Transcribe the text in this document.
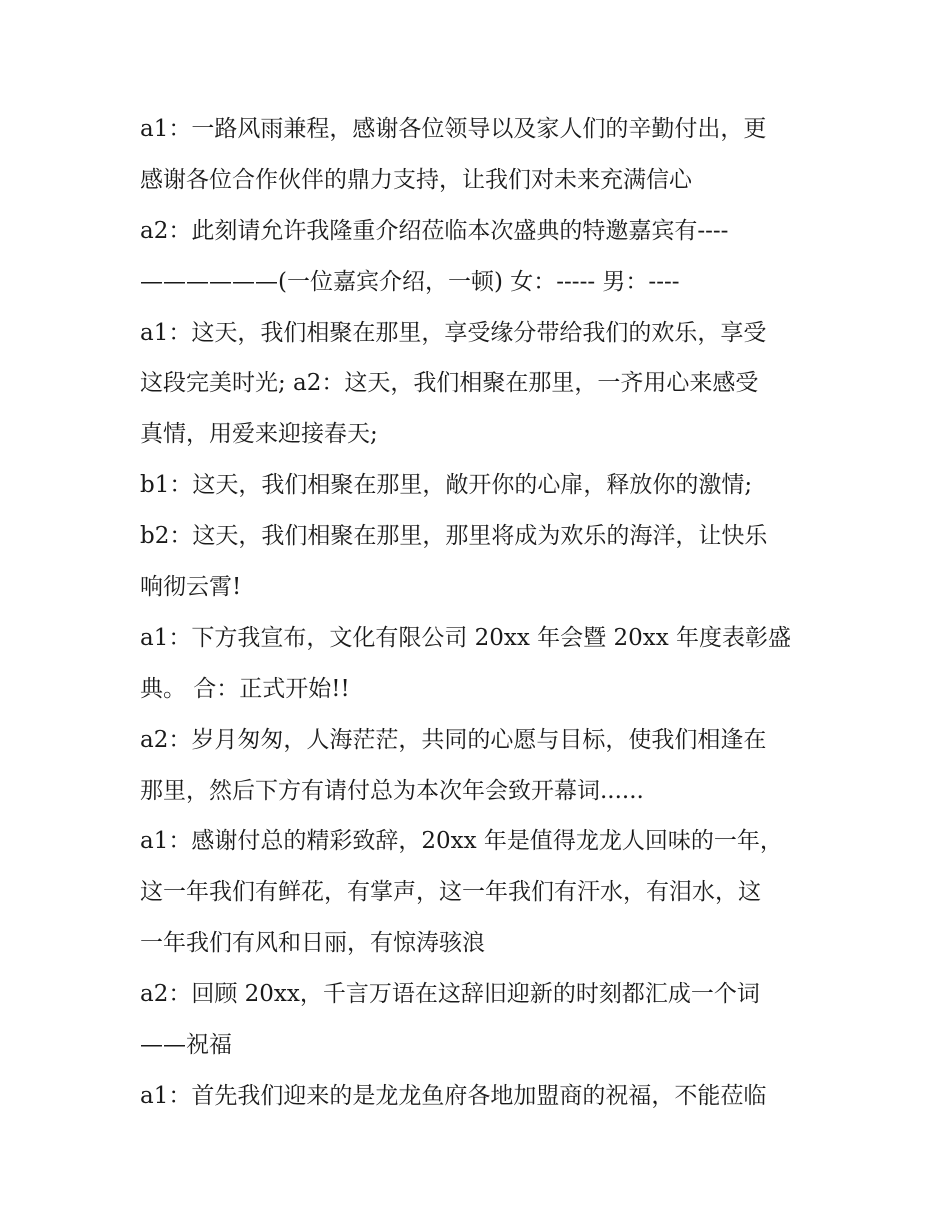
a1：一路风雨兼程，感谢各位领导以及家人们的辛勤付出，更
感谢各位合作伙伴的鼎力支持，让我们对未来充满信心
a2：此刻请允许我隆重介绍莅临本次盛典的特邀嘉宾有----
——————(一位嘉宾介绍，一顿) 女：----- 男：----
a1：这天，我们相聚在那里，享受缘分带给我们的欢乐，享受
这段完美时光; a2：这天，我们相聚在那里，一齐用心来感受
真情，用爱来迎接春天;
b1：这天，我们相聚在那里，敞开你的心扉，释放你的激情;
b2：这天，我们相聚在那里，那里将成为欢乐的海洋，让快乐
响彻云霄!
a1：下方我宣布，文化有限公司 20xx 年会暨 20xx 年度表彰盛
典。 合：正式开始!!
a2：岁月匆匆，人海茫茫，共同的心愿与目标，使我们相逢在
那里，然后下方有请付总为本次年会致开幕词......
a1：感谢付总的精彩致辞，20xx 年是值得龙龙人回味的一年，
这一年我们有鲜花，有掌声，这一年我们有汗水，有泪水，这
一年我们有风和日丽，有惊涛骇浪
a2：回顾 20xx，千言万语在这辞旧迎新的时刻都汇成一个词
——祝福
a1：首先我们迎来的是龙龙鱼府各地加盟商的祝福，不能莅临
